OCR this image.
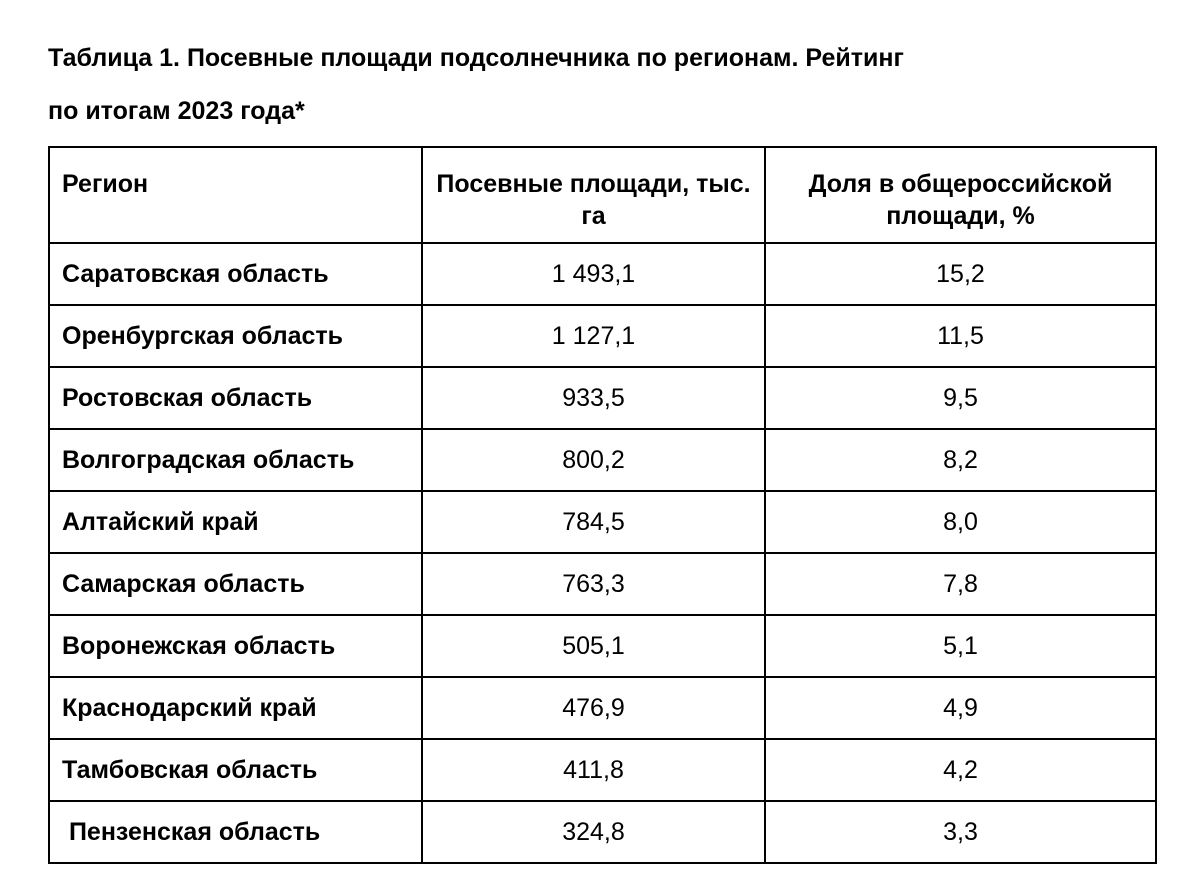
Таблица 1. Посевные площади подсолнечника по регионам. Рейтинг
по итогам 2023 года*
Регион	Посевные площади, тыс. га	Доля в общероссийской площади, %
Саратовская область	1 493,1	15,2
Оренбургская область	1 127,1	11,5
Ростовская область	933,5	9,5
Волгоградская область	800,2	8,2
Алтайский край	784,5	8,0
Самарская область	763,3	7,8
Воронежская область	505,1	5,1
Краснодарский край	476,9	4,9
Тамбовская область	411,8	4,2
Пензенская область	324,8	3,3
